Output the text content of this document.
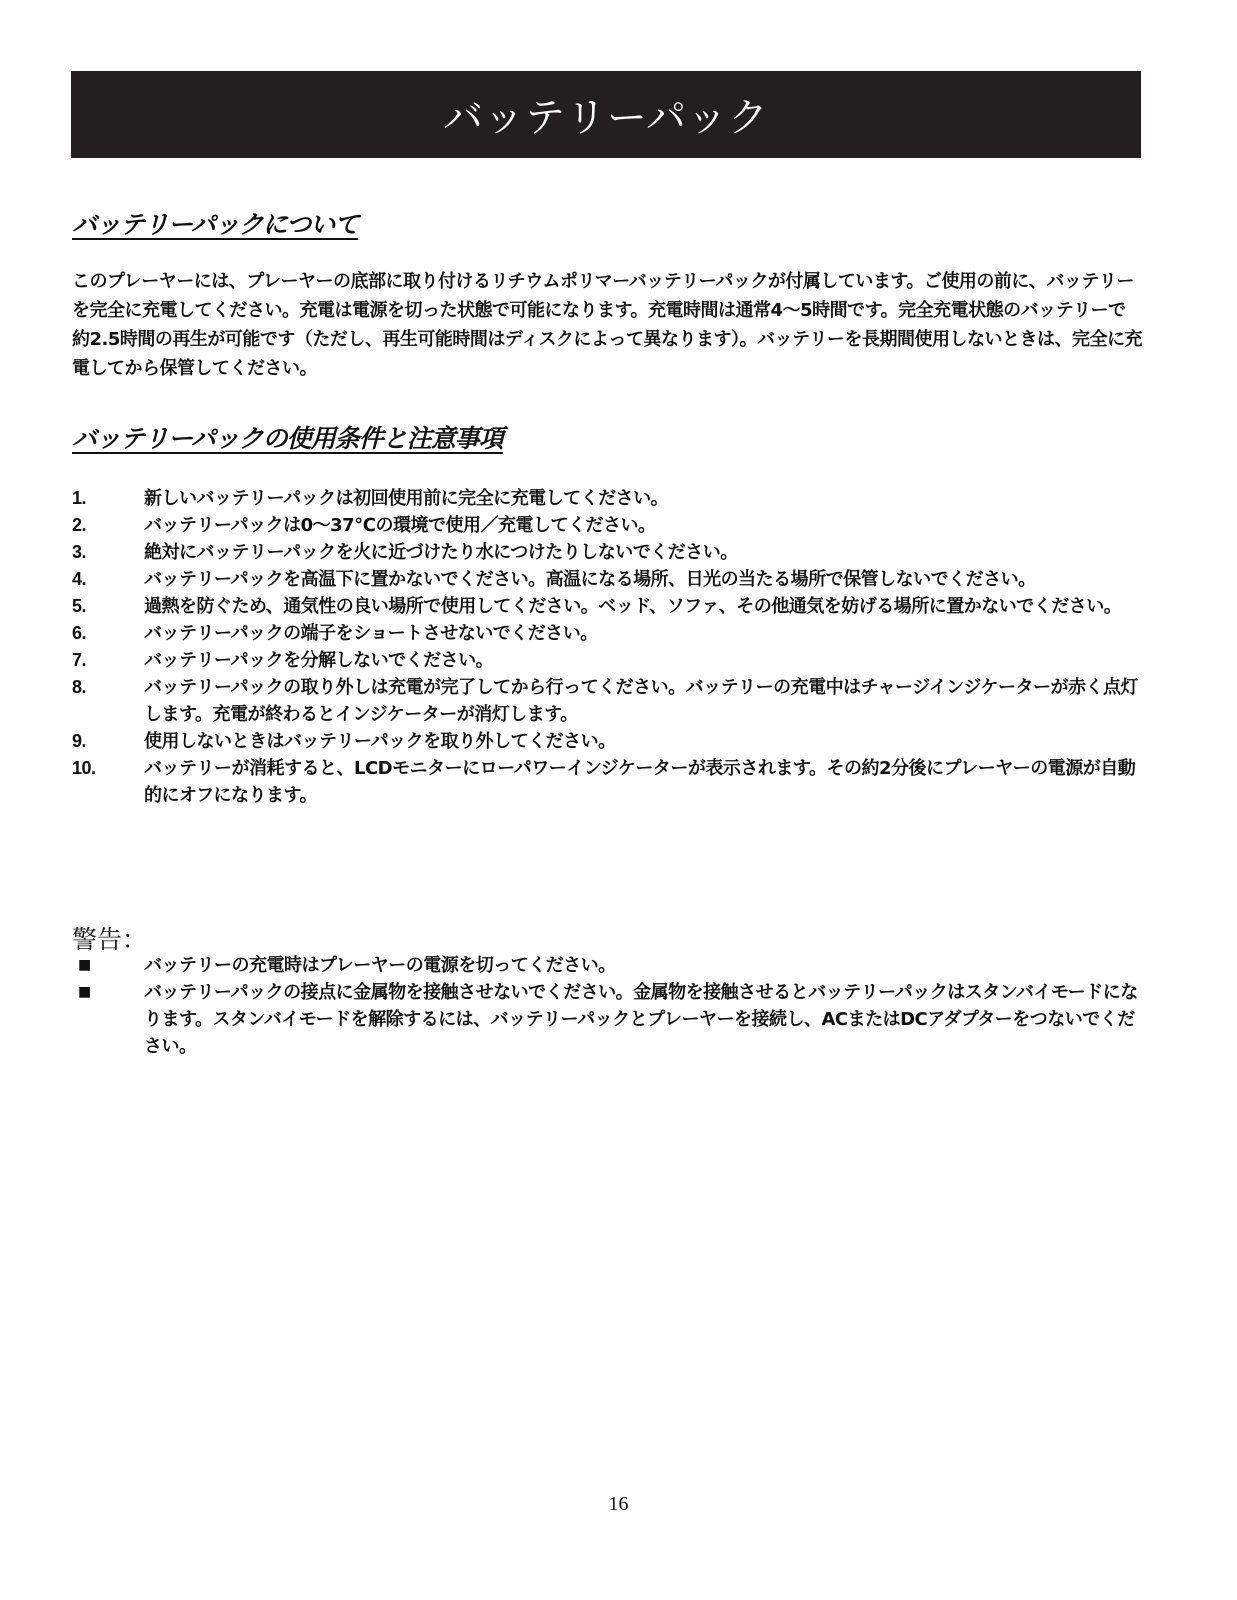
バッテリーパック
バッテリーパックについて

このプレーヤーには、プレーヤーの底部に取り付けるリチウムポリマーバッテリーパックが付属しています。ご使用の前に、バッテリーを完全に充電してください。充電は電源を切った状態で可能になります。充電時間は通常4～5時間です。完全充電状態のバッテリーで約2.5時間の再生が可能です（ただし、再生可能時間はディスクによって異なります）。バッテリーを長期間使用しないときは、完全に充電してから保管してください。

バッテリーパックの使用条件と注意事項
1.	新しいバッテリーパックは初回使用前に完全に充電してください。
2.	バッテリーパックは0～37℃の環境で使用／充電してください。
3.	絶対にバッテリーパックを火に近づけたり水につけたりしないでください。
4.	バッテリーパックを高温下に置かないでください。高温になる場所、日光の当たる場所で保管しないでください。
5.	過熱を防ぐため、通気性の良い場所で使用してください。ベッド、ソファ、その他通気を妨げる場所に置かないでください。
6.	バッテリーパックの端子をショートさせないでください。
7.	バッテリーパックを分解しないでください。
8.	バッテリーパックの取り外しは充電が完了してから行ってください。バッテリーの充電中はチャージインジケーターが赤く点灯します。充電が終わるとインジケーターが消灯します。
9.	使用しないときはバッテリーパックを取り外してください。
10.	バッテリーが消耗すると、LCDモニターにローパワーインジケーターが表示されます。その約2分後にプレーヤーの電源が自動的にオフになります。
警告：
■	バッテリーの充電時はプレーヤーの電源を切ってください。
■	バッテリーパックの接点に金属物を接触させないでください。金属物を接触させるとバッテリーパックはスタンバイモードになります。スタンバイモードを解除するには、バッテリーパックとプレーヤーを接続し、ACまたはDCアダプターをつないでください。
16
